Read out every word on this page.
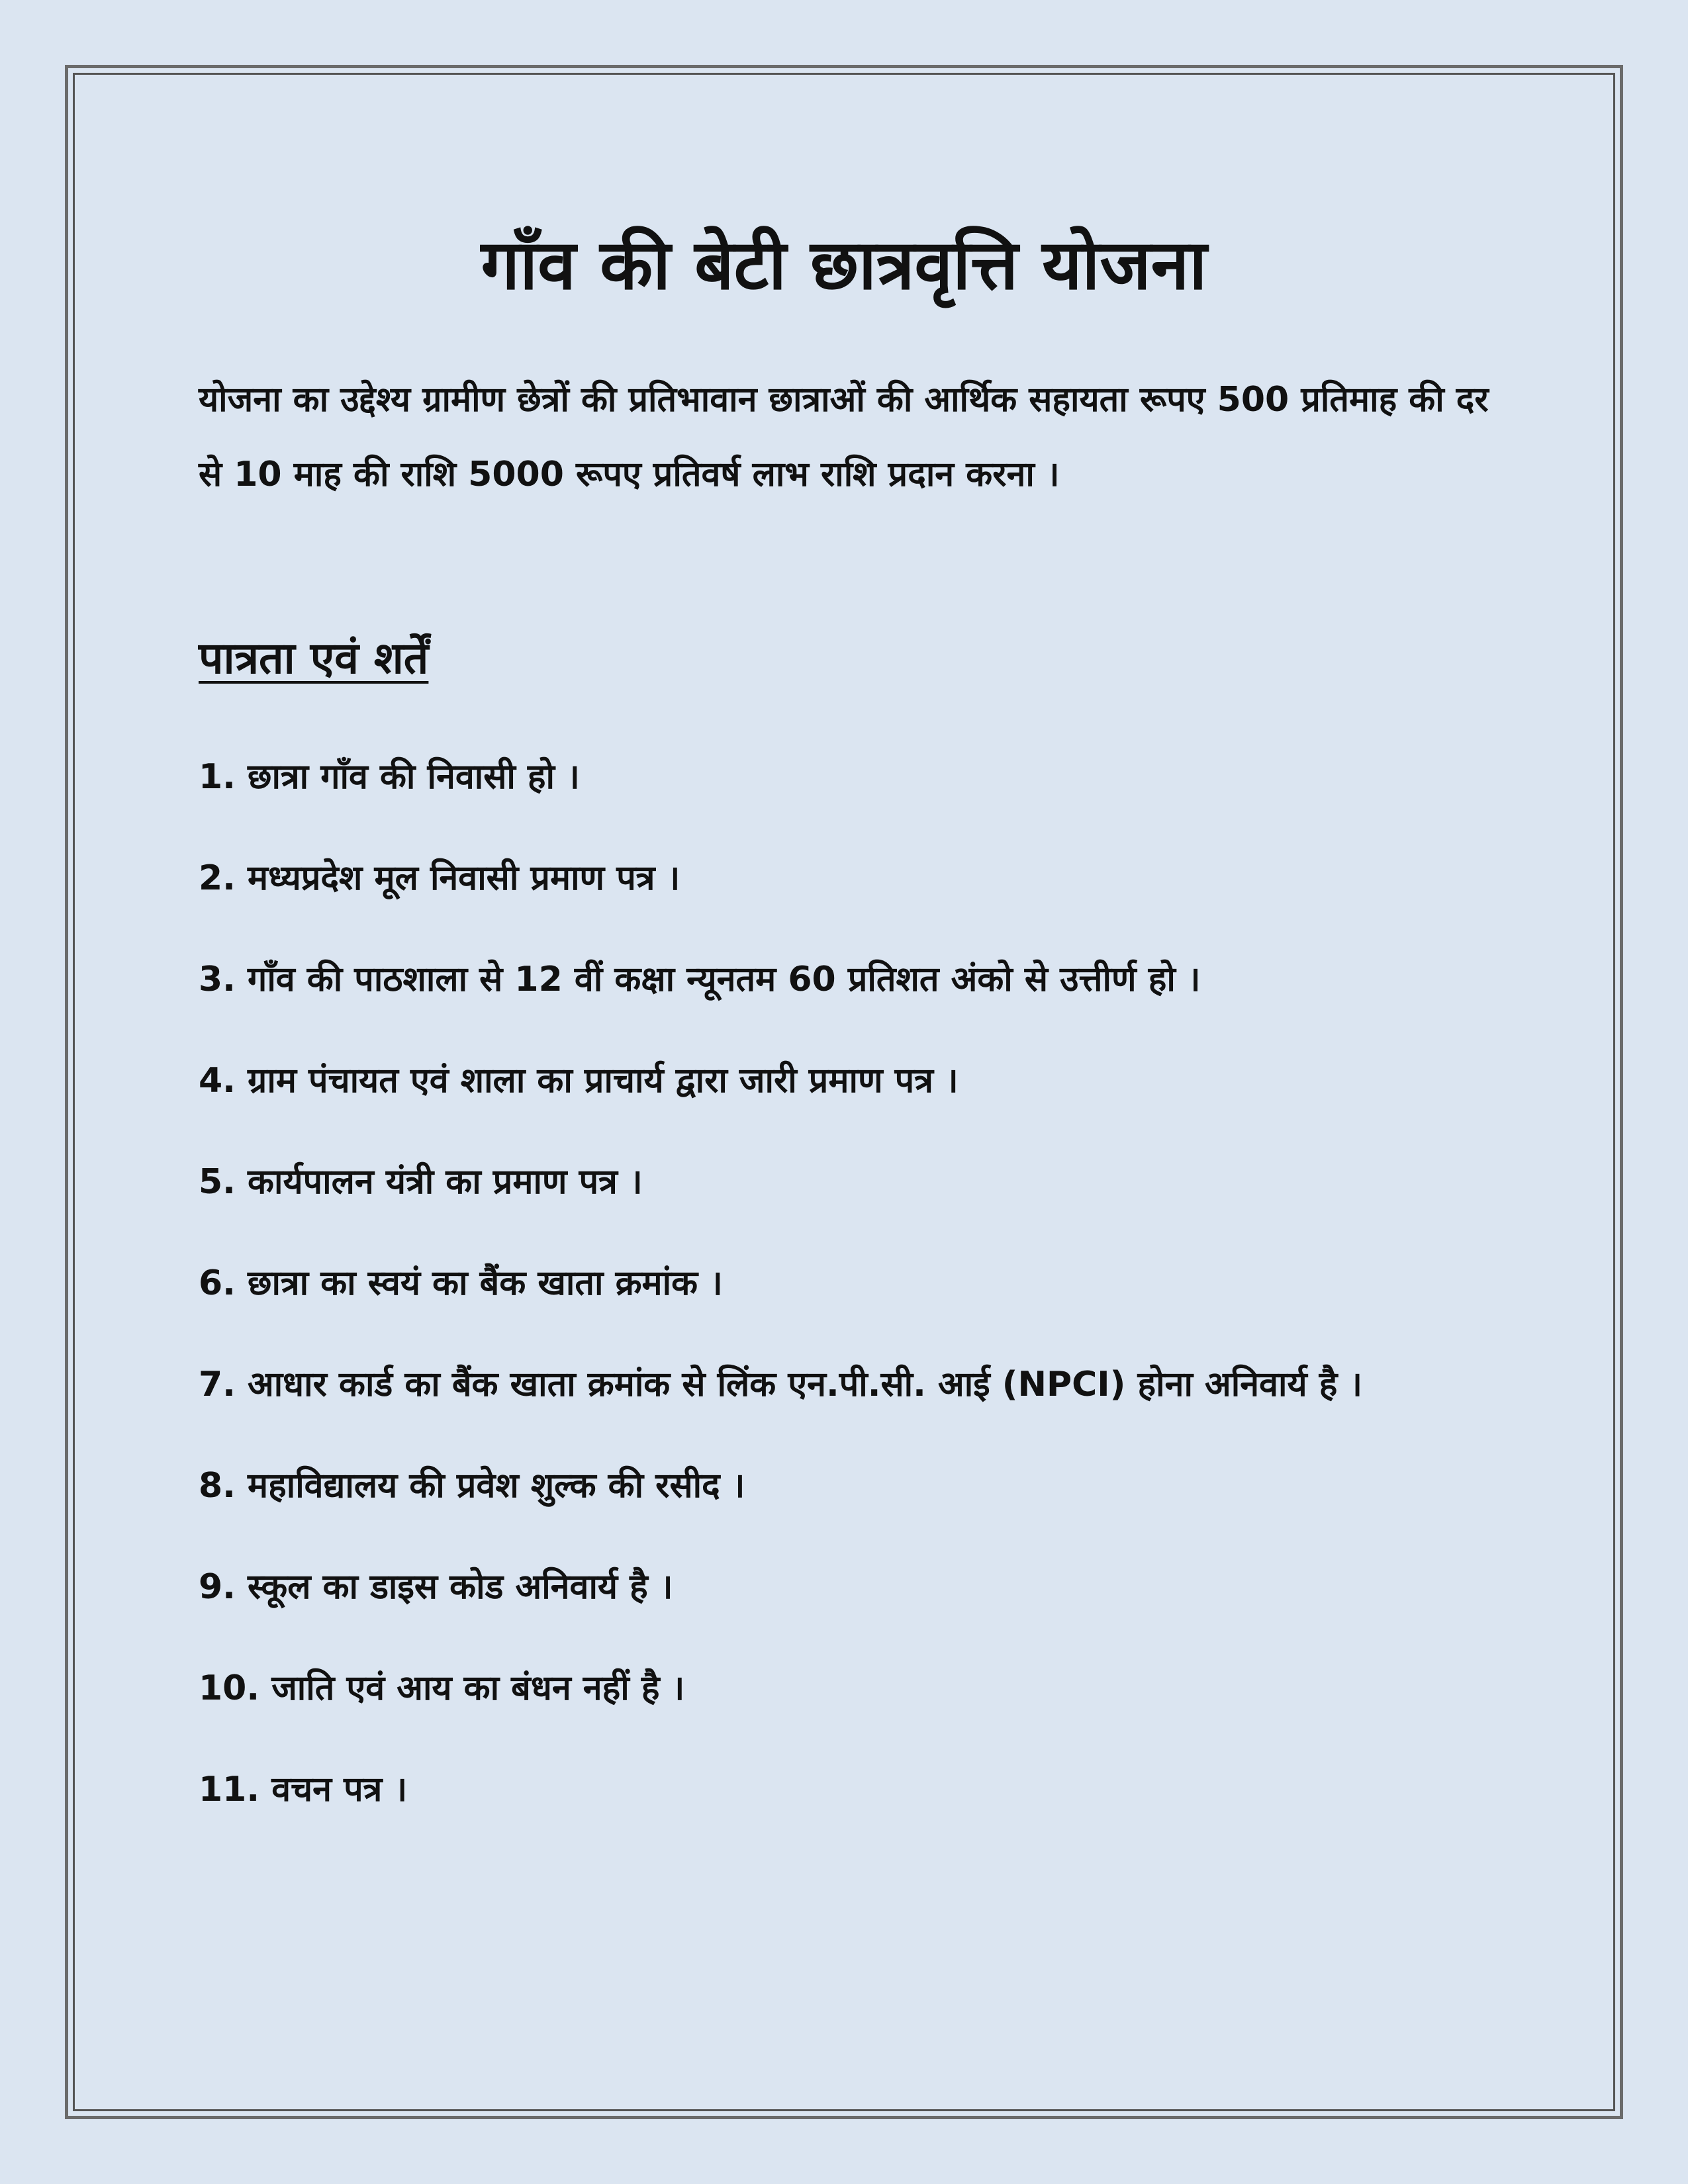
गाँव की बेटी छात्रवृत्ति योजना
योजना का उद्देश्य ग्रामीण छेत्रों की प्रतिभावान छात्राओं की आर्थिक सहायता रूपए 500 प्रतिमाह की दर से 10 माह की राशि 5000 रूपए प्रतिवर्ष लाभ राशि प्रदान करना ।
पात्रता एवं शर्तें
1. छात्रा गाँव की निवासी हो ।
2. मध्यप्रदेश मूल निवासी प्रमाण पत्र ।
3. गाँव की पाठशाला से 12 वीं कक्षा न्यूनतम 60 प्रतिशत अंको से उत्तीर्ण हो ।
4. ग्राम पंचायत एवं शाला का प्राचार्य द्वारा जारी प्रमाण पत्र ।
5. कार्यपालन यंत्री का प्रमाण पत्र ।
6. छात्रा का स्वयं का बैंक खाता क्रमांक ।
7. आधार कार्ड का बैंक खाता क्रमांक से लिंक एन.पी.सी. आई (NPCI) होना अनिवार्य है ।
8. महाविद्यालय की प्रवेश शुल्क की रसीद ।
9. स्कूल का डाइस कोड अनिवार्य है ।
10. जाति एवं आय का बंधन नहीं है ।
11. वचन पत्र ।
